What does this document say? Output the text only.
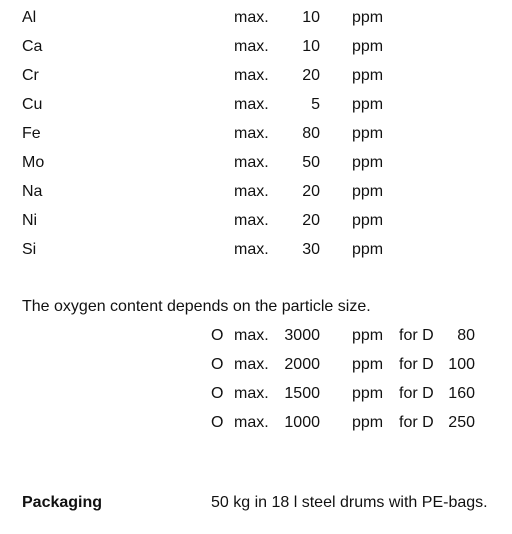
Al	max.	10 ppm
Ca	max.	10 ppm
Cr	max.	20 ppm
Cu	max.	5 ppm
Fe	max.	80 ppm
Mo	max.	50 ppm
Na	max.	20 ppm
Ni	max.	20 ppm
Si	max.	30 ppm
The oxygen content depends on the particle size.
O max. 3000 ppm for D	80
O max. 2000 ppm for D 100
O max. 1500 ppm for D 160
O max. 1000 ppm for D 250
Packaging	50 kg in 18 l steel drums with PE-bags.
